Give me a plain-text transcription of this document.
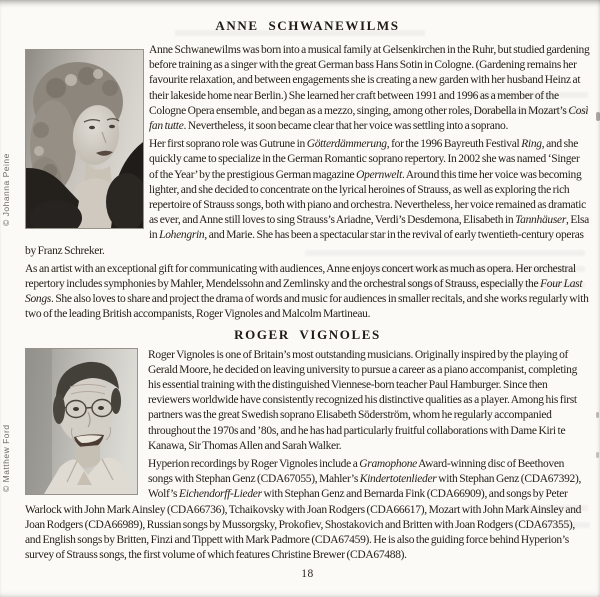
ANNE SCHWANEWILMS
© Johanna Peine

Anne Schwanewilms was born into a musical family at Gelsenkirchen in the Ruhr, but studied gardening before training as a singer with the great German bass Hans Sotin in Cologne. (Gardening remains her favourite relaxation, and between engagements she is creating a new garden with her husband Heinz at their lakeside home near Berlin.) She learned her craft between 1991 and 1996 as a member of the Cologne Opera ensemble, and began as a mezzo, singing, among other roles, Dorabella in Mozart’s Così fan tutte. Nevertheless, it soon became clear that her voice was settling into a soprano.

Her first soprano role was Gutrune in Götterdämmerung, for the 1996 Bayreuth Festival Ring, and she quickly came to specialize in the German Romantic soprano repertory. In 2002 she was named ‘Singer of the Year’ by the prestigious German magazine Opernwelt. Around this time her voice was becoming lighter, and she decided to concentrate on the lyrical heroines of Strauss, as well as exploring the rich repertoire of Strauss songs, both with piano and orchestra. Nevertheless, her voice remained as dramatic as ever, and Anne still loves to sing Strauss’s Ariadne, Verdi’s Desdemona, Elisabeth in Tannhäuser, Elsa in Lohengrin, and Marie. She has been a spectacular star in the revival of early twentieth-century operas by Franz Schreker.

As an artist with an exceptional gift for communicating with audiences, Anne enjoys concert work as much as opera. Her orchestral repertory includes symphonies by Mahler, Mendelssohn and Zemlinsky and the orchestral songs of Strauss, especially the Four Last Songs. She also loves to share and project the drama of words and music for audiences in smaller recitals, and she works regularly with two of the leading British accompanists, Roger Vignoles and Malcolm Martineau.

ROGER VIGNOLES
© Matthew Ford

Roger Vignoles is one of Britain’s most outstanding musicians. Originally inspired by the playing of Gerald Moore, he decided on leaving university to pursue a career as a piano accompanist, completing his essential training with the distinguished Viennese-born teacher Paul Hamburger. Since then reviewers worldwide have consistently recognized his distinctive qualities as a player. Among his first partners was the great Swedish soprano Elisabeth Söderström, whom he regularly accompanied throughout the 1970s and ’80s, and he has had particularly fruitful collaborations with Dame Kiri te Kanawa, Sir Thomas Allen and Sarah Walker.

Hyperion recordings by Roger Vignoles include a Gramophone Award-winning disc of Beethoven songs with Stephan Genz (CDA67055), Mahler’s Kindertotenlieder with Stephan Genz (CDA67392), Wolf’s Eichendorff-Lieder with Stephan Genz and Bernarda Fink (CDA66909), and songs by Peter Warlock with John Mark Ainsley (CDA66736), Tchaikovsky with Joan Rodgers (CDA66617), Mozart with John Mark Ainsley and Joan Rodgers (CDA66989), Russian songs by Mussorgsky, Prokofiev, Shostakovich and Britten with Joan Rodgers (CDA67355), and English songs by Britten, Finzi and Tippett with Mark Padmore (CDA67459). He is also the guiding force behind Hyperion’s survey of Strauss songs, the first volume of which features Christine Brewer (CDA67488).

18
